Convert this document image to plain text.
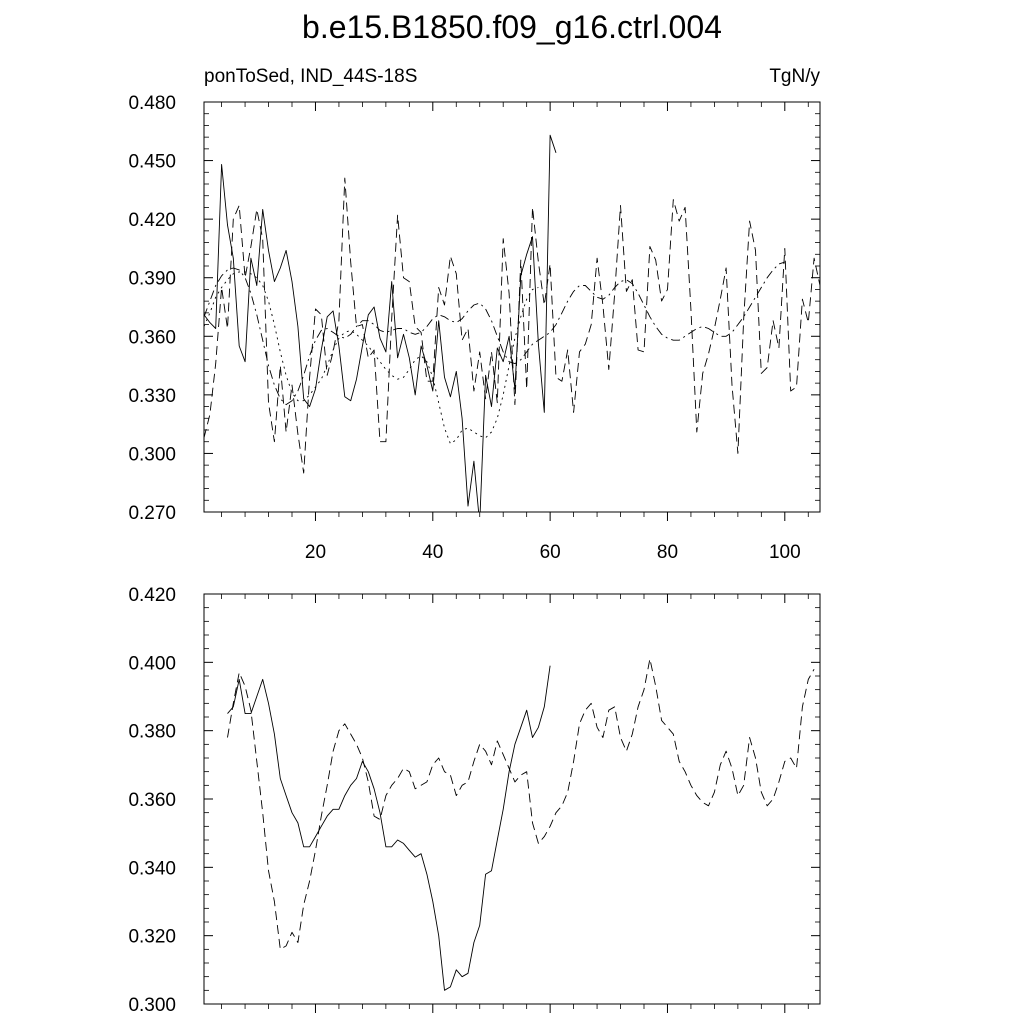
b.e15.B1850.f09_g16.ctrl.004
ponToSed, IND_44S-18S	TgN/y
0.270
0.300
0.330
0.360
0.390
0.420
0.450
0.480
20	40	60	80	100
0.300
0.320
0.340
0.360
0.380
0.400
0.420
